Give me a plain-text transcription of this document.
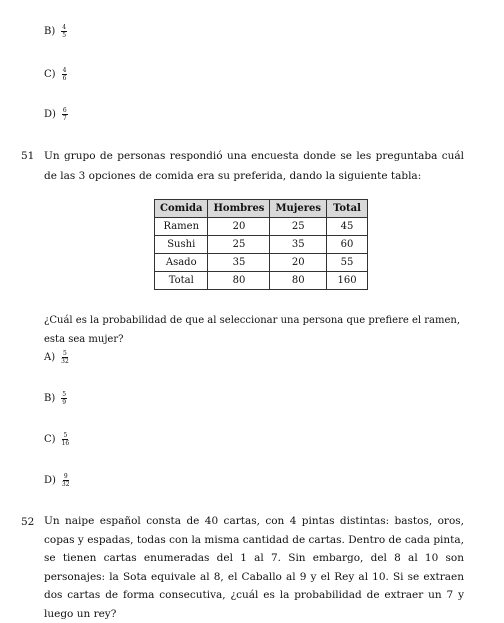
$B) \frac{4}{5}$
$C) \frac{4}{6}$
$D) \frac{6}{7}$
51 Un grupo de personas respondió una encuesta donde se les preguntaba cuál de las 3 opciones de comida era su preferida, dando la siguiente tabla:
Comida	Hombres	Mujeres	Total
Ramen	20	25	45
Sushi	25	35	60
Asado	35	20	55
Total	80	80	160
¿Cuál es la probabilidad de que al seleccionar una persona que prefiere el ramen, esta sea mujer?
$A) \frac{5}{32}$
$B) \frac{5}{9}$
$C) \frac{5}{16}$
$D) \frac{9}{32}$
52 Un naipe español consta de 40 cartas, con 4 pintas distintas: bastos, oros, copas y espadas, todas con la misma cantidad de cartas. Dentro de cada pinta, se tienen cartas enumeradas del 1 al 7. Sin embargo, del 8 al 10 son personajes: la Sota equivale al 8, el Caballo al 9 y el Rey al 10. Si se extraen dos cartas de forma consecutiva, ¿cuál es la probabilidad de extraer un 7 y luego un rey?
